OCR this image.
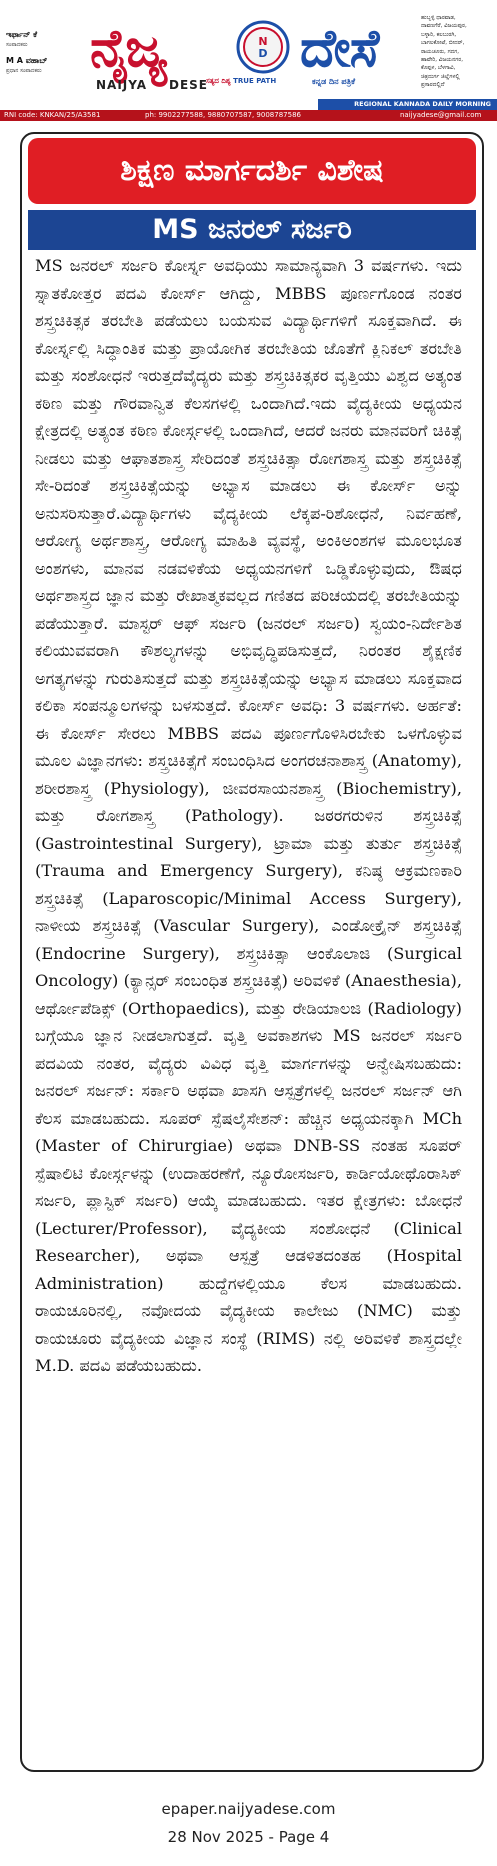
ಇರ್ಫಾನ್ ಕೆ
ಸಂಪಾದಕರು
M A ವಹಾಬ್
ಪ್ರಧಾನ ಸಂಪಾದಕರು ನೈಜ್ಯ	N
D ದೇಸೆ
NAIJYA DESE
ಸತ್ಯದ ದಿಶ್ಯ TRUE PATH	ಕನ್ನಡ ದಿನ ಪತ್ರಿಕೆ
ಹುಬ್ಬಳ್ಳಿ ಧಾರವಾಡ,
ದಾವಣಗೆರೆ, ವಿಜಯಪುರ,
ಬಳ್ಳಾರಿ, ಕಲಬುರಗಿ,
ಬಾಗಲಕೋಟೆ, ಬೀದರ್,
ರಾಯಚೂರು, ಗದಗ,
ಹಾವೇರಿ, ವಿಜಯನಗರ,
ಕೊಪ್ಪಳ, ಬೆಳಗಾವಿ,
ಚಿತ್ರದುರ್ಗ ಜಿಲ್ಲೆಗಳಲ್ಲಿ
ಪ್ರಸಾರದಲ್ಲಿದೆ
REGIONAL KANNADA DAILY MORNING
RNI code: KNKAN/25/A3581	ph: 9902277588, 9880707587, 9008787586	naijyadese@gmail.com
ಶಿಕ್ಷಣ ಮಾರ್ಗದರ್ಶಿ ವಿಶೇಷ
MS ಜನರಲ್ ಸರ್ಜರಿ
MS ಜನರಲ್ ಸರ್ಜರಿ ಕೋರ್ಸ್ನ ಅವಧಿಯು ಸಾಮಾನ್ಯವಾಗಿ 3 ವರ್ಷಗಳು. ಇದು ಸ್ನಾತಕೋತ್ತರ ಪದವಿ ಕೋರ್ಸ್ ಆಗಿದ್ದು, MBBS ಪೂರ್ಣಗೊಂಡ ನಂತರ ಶಸ್ತ್ರಚಿಕಿತ್ಸಕ ತರಬೇತಿ ಪಡೆಯಲು ಬಯಸುವ ವಿದ್ಯಾರ್ಥಿಗಳಿಗೆ ಸೂಕ್ತವಾಗಿದೆ. ಈ ಕೋರ್ಸ್ನಲ್ಲಿ ಸಿದ್ಧಾಂತಿಕ ಮತ್ತು ಪ್ರಾಯೋಗಿಕ ತರಬೇತಿಯ ಜೊತೆಗೆ ಕ್ಲಿನಿಕಲ್ ತರಬೇತಿ ಮತ್ತು ಸಂಶೋಧನೆ ಇರುತ್ತದೆವೈದ್ಯರು ಮತ್ತು ಶಸ್ತ್ರಚಿಕಿತ್ಸಕರ ವೃತ್ತಿಯು ವಿಶ್ವದ ಅತ್ಯಂತ ಕಠಿಣ ಮತ್ತು ಗೌರವಾನ್ವಿತ ಕೆಲಸಗಳಲ್ಲಿ ಒಂದಾಗಿದೆ.ಇದು ವೈದ್ಯಕೀಯ ಅಧ್ಯಯನ ಕ್ಷೇತ್ರದಲ್ಲಿ ಅತ್ಯಂತ ಕಠಿಣ ಕೋರ್ಸ್ಗಳಲ್ಲಿ ಒಂದಾಗಿದೆ, ಆದರೆ ಜನರು ಮಾನವರಿಗೆ ಚಿಕಿತ್ಸೆ ನೀಡಲು ಮತ್ತು ಆಘಾತಶಾಸ್ತ್ರ ಸೇರಿದಂತೆ ಶಸ್ತ್ರಚಿಕಿತ್ಸಾ ರೋಗಶಾಸ್ತ್ರ ಮತ್ತು ಶಸ್ತ್ರಚಿಕಿತ್ಸೆ ಸೇ-ರಿದಂತೆ ಶಸ್ತ್ರಚಿಕಿತ್ಸೆಯನ್ನು ಅಭ್ಯಾಸ ಮಾಡಲು ಈ ಕೋರ್ಸ್ ಅನ್ನು ಅನುಸರಿಸುತ್ತಾರೆ.ವಿದ್ಯಾರ್ಥಿಗಳು ವೈದ್ಯಕೀಯ ಲೆಕ್ಕಪ-ರಿಶೋಧನೆ, ನಿರ್ವಹಣೆ, ಆರೋಗ್ಯ ಅರ್ಥಶಾಸ್ತ್ರ, ಆರೋಗ್ಯ ಮಾಹಿತಿ ವ್ಯವಸ್ಥೆ, ಅಂಕಿಅಂಶಗಳ ಮೂಲಭೂತ ಅಂಶಗಳು, ಮಾನವ ನಡವಳಿಕೆಯ ಅಧ್ಯಯನಗಳಿಗೆ ಒಡ್ಡಿಕೊಳ್ಳುವುದು, ಔಷಧ ಅರ್ಥಶಾಸ್ತ್ರದ ಜ್ಞಾನ ಮತ್ತು ರೇಖಾತ್ಮಕವಲ್ಲದ ಗಣಿತದ ಪರಿಚಯದಲ್ಲಿ ತರಬೇತಿಯನ್ನು ಪಡೆಯುತ್ತಾರೆ. ಮಾಸ್ಟರ್ ಆಫ್ ಸರ್ಜರಿ (ಜನರಲ್ ಸರ್ಜರಿ) ಸ್ವಯಂ-ನಿರ್ದೇಶಿತ ಕಲಿಯುವವರಾಗಿ ಕೌಶಲ್ಯಗಳನ್ನು ಅಭಿವೃದ್ಧಿಪಡಿಸುತ್ತದೆ, ನಿರಂತರ ಶೈಕ್ಷಣಿಕ ಅಗತ್ಯಗಳನ್ನು ಗುರುತಿಸುತ್ತದೆ ಮತ್ತು ಶಸ್ತ್ರಚಿಕಿತ್ಸೆಯನ್ನು ಅಭ್ಯಾಸ ಮಾಡಲು ಸೂಕ್ತವಾದ ಕಲಿಕಾ ಸಂಪನ್ಮೂಲಗಳನ್ನು ಬಳಸುತ್ತದೆ. ಕೋರ್ಸ್ ಅವಧಿ: 3 ವರ್ಷಗಳು. ಅರ್ಹತೆ: ಈ ಕೋರ್ಸ್ ಸೇರಲು MBBS ಪದವಿ ಪೂರ್ಣಗೊಳಿಸಿರಬೇಕು ಒಳಗೊಳ್ಳುವ ಮೂಲ ವಿಜ್ಞಾನಗಳು: ಶಸ್ತ್ರಚಿಕಿತ್ಸೆಗೆ ಸಂಬಂಧಿಸಿದ ಅಂಗರಚನಾಶಾಸ್ತ್ರ (Anatomy), ಶರೀರಶಾಸ್ತ್ರ (Physiology), ಜೀವರಸಾಯನಶಾಸ್ತ್ರ (Biochemistry), ಮತ್ತು ರೋಗಶಾಸ್ತ್ರ (Pathology). ಜಠರಗರುಳಿನ ಶಸ್ತ್ರಚಿಕಿತ್ಸೆ (Gastrointestinal Surgery), ಟ್ರಾಮಾ ಮತ್ತು ತುರ್ತು ಶಸ್ತ್ರಚಿಕಿತ್ಸೆ (Trauma and Emergency Surgery), ಕನಿಷ್ಠ ಆಕ್ರಮಣಕಾರಿ ಶಸ್ತ್ರಚಿಕಿತ್ಸೆ (Laparoscopic/Minimal Access Surgery), ನಾಳೀಯ ಶಸ್ತ್ರಚಿಕಿತ್ಸೆ (Vascular Surgery), ಎಂಡೋಕ್ರೈನ್ ಶಸ್ತ್ರಚಿಕಿತ್ಸೆ (Endocrine Surgery), ಶಸ್ತ್ರಚಿಕಿತ್ಸಾ ಆಂಕೊಲಾಜಿ (Surgical Oncology) (ಕ್ಯಾನ್ಸರ್ ಸಂಬಂಧಿತ ಶಸ್ತ್ರಚಿಕಿತ್ಸೆ) ಅರಿವಳಿಕೆ (Anaesthesia), ಆರ್ಥೋಪೆಡಿಕ್ಸ್ (Orthopaedics), ಮತ್ತು ರೇಡಿಯಾಲಜಿ (Radiology) ಬಗ್ಗೆಯೂ ಜ್ಞಾನ ನೀಡಲಾಗುತ್ತದೆ. ವೃತ್ತಿ ಅವಕಾಶಗಳು MS ಜನರಲ್ ಸರ್ಜರಿ ಪದವಿಯ ನಂತರ, ವೈದ್ಯರು ವಿವಿಧ ವೃತ್ತಿ ಮಾರ್ಗಗಳನ್ನು ಅನ್ವೇಷಿಸಬಹುದು: ಜನರಲ್ ಸರ್ಜನ್: ಸರ್ಕಾರಿ ಅಥವಾ ಖಾಸಗಿ ಆಸ್ಪತ್ರೆಗಳಲ್ಲಿ ಜನರಲ್ ಸರ್ಜನ್ ಆಗಿ ಕೆಲಸ ಮಾಡಬಹುದು. ಸೂಪರ್ ಸ್ಪೆಷಲೈಸೇಶನ್: ಹೆಚ್ಚಿನ ಅಧ್ಯಯನಕ್ಕಾಗಿ MCh (Master of Chirurgiae) ಅಥವಾ DNB-SS ನಂತಹ ಸೂಪರ್ ಸ್ಪೆಷಾಲಿಟಿ ಕೋರ್ಸ್ಗಳನ್ನು (ಉದಾಹರಣೆಗೆ, ನ್ಯೂರೋಸರ್ಜರಿ, ಕಾರ್ಡಿಯೋಥೊರಾಸಿಕ್ ಸರ್ಜರಿ, ಪ್ಲಾಸ್ಟಿಕ್ ಸರ್ಜರಿ) ಆಯ್ಕೆ ಮಾಡಬಹುದು. ಇತರ ಕ್ಷೇತ್ರಗಳು: ಬೋಧನೆ (Lecturer/Professor), ವೈದ್ಯಕೀಯ ಸಂಶೋಧನೆ (Clinical Researcher), ಅಥವಾ ಆಸ್ಪತ್ರೆ ಆಡಳಿತದಂತಹ (Hospital Administration) ಹುದ್ದೆಗಳಲ್ಲಿಯೂ ಕೆಲಸ ಮಾಡಬಹುದು. ರಾಯಚೂರಿನಲ್ಲಿ, ನವೋದಯ ವೈದ್ಯಕೀಯ ಕಾಲೇಜು (NMC) ಮತ್ತು ರಾಯಚೂರು ವೈದ್ಯಕೀಯ ವಿಜ್ಞಾನ ಸಂಸ್ಥೆ (RIMS) ನಲ್ಲಿ ಅರಿವಳಿಕೆ ಶಾಸ್ತ್ರದಲ್ಲೇ M.D. ಪದವಿ ಪಡೆಯಬಹುದು.
epaper.naijyadese.com
28 Nov 2025 - Page 4
